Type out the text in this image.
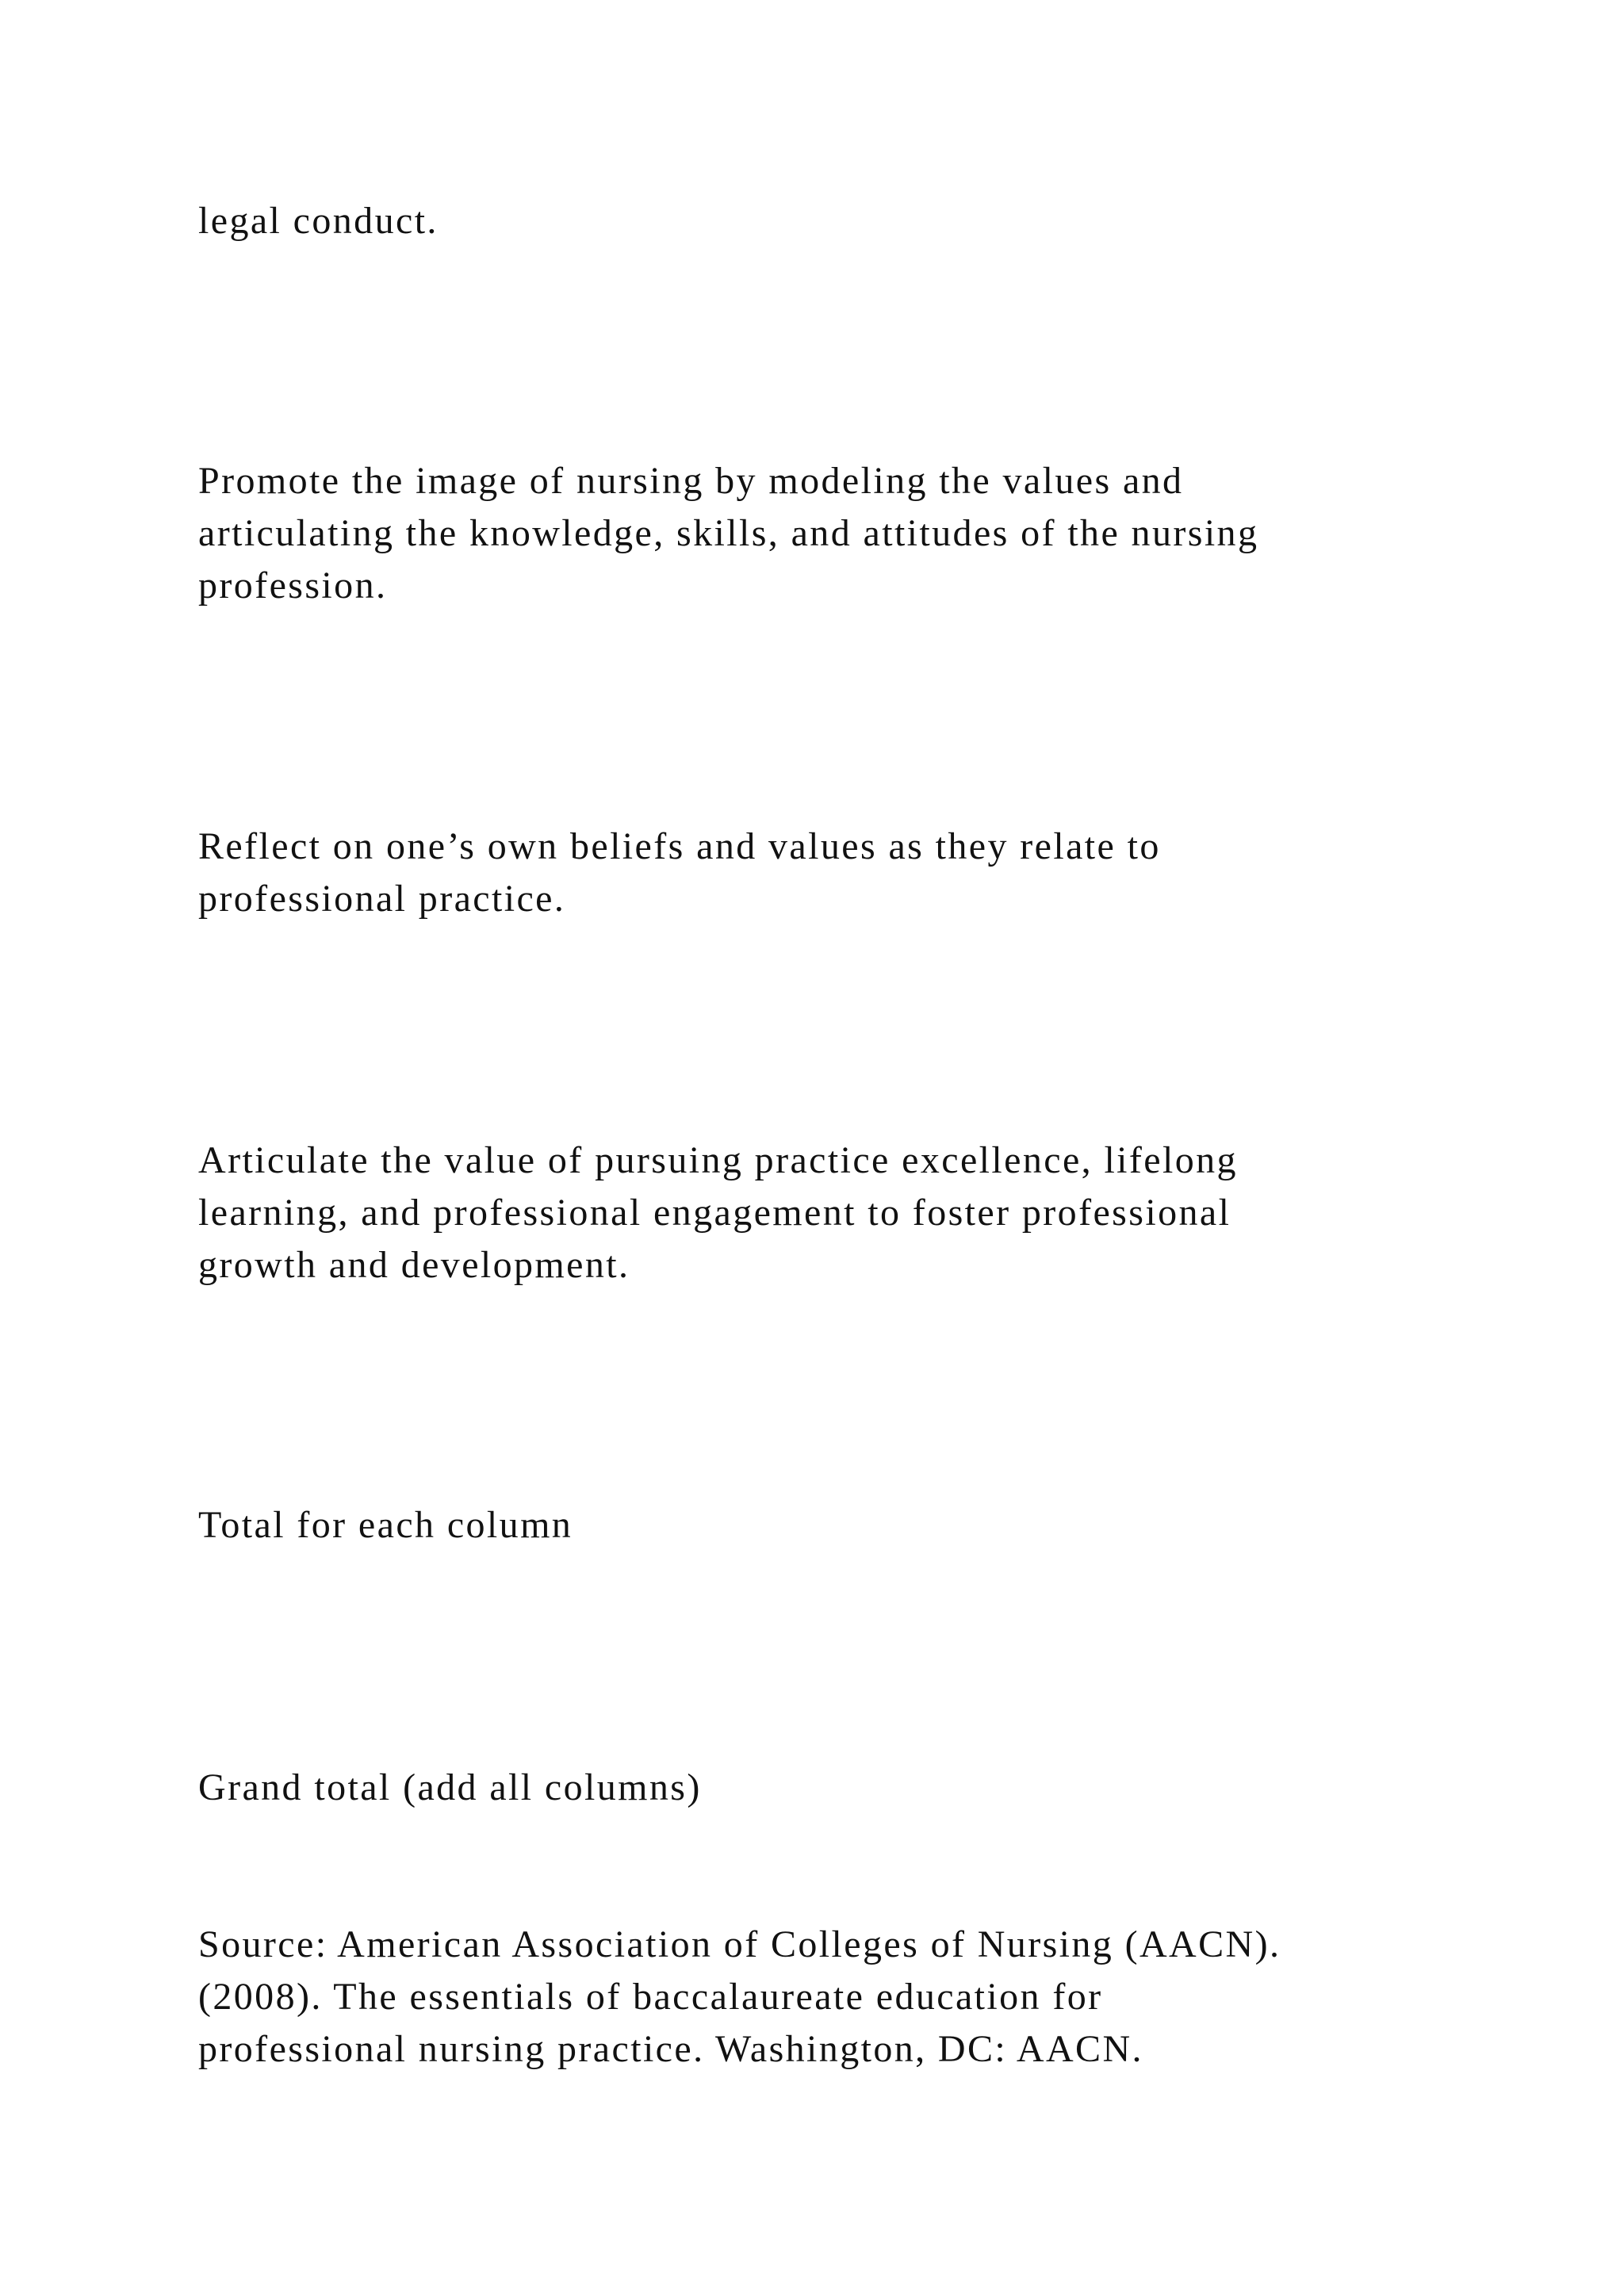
legal conduct.

Promote the image of nursing by modeling the values and
articulating the knowledge, skills, and attitudes of the nursing
profession.

Reflect on one’s own beliefs and values as they relate to
professional practice.

Articulate the value of pursuing practice excellence, lifelong
learning, and professional engagement to foster professional
growth and development.

Total for each column

Grand total (add all columns)

Source: American Association of Colleges of Nursing (AACN).
(2008). The essentials of baccalaureate education for
professional nursing practice. Washington, DC: AACN.
